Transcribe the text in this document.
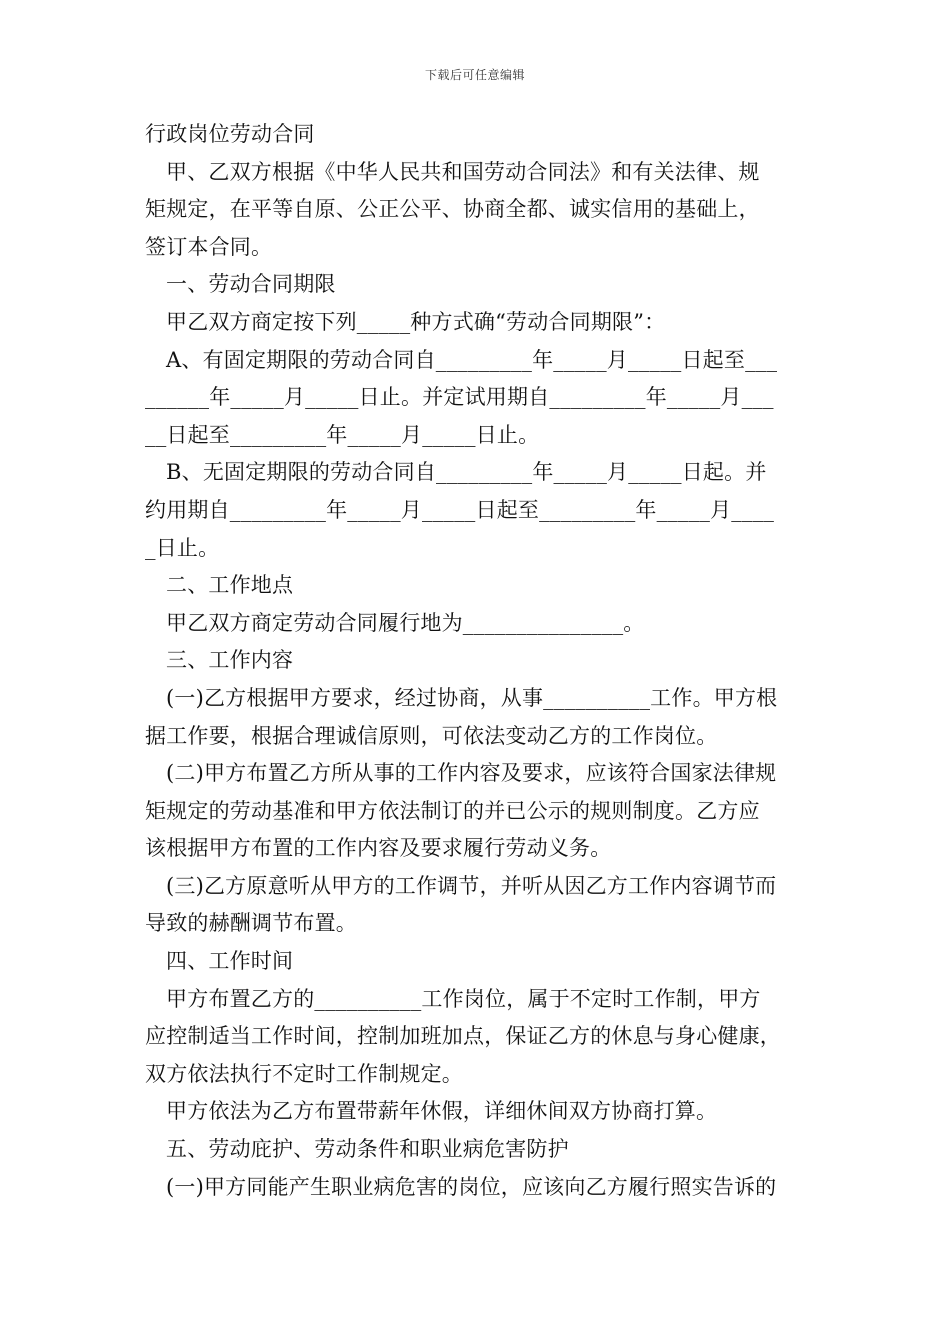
下载后可任意编辑

行政岗位劳动合同

甲、乙双方根据《中华人民共和国劳动合同法》和有关法律、规

矩规定，在平等自原、公正公平、协商全都、诚实信用的基础上，

签订本合同。

一、劳动合同期限

甲乙双方商定按下列_____种方式确“劳动合同期限”：

A、有固定期限的劳动合同自_________年_____月_____日起至___

______年_____月_____日止。并定试用期自_________年_____月___

__日起至_________年_____月_____日止。

B、无固定期限的劳动合同自_________年_____月_____日起。并

约用期自_________年_____月_____日起至_________年_____月____

_日止。

二、工作地点

甲乙双方商定劳动合同履行地为_______________。

三、工作内容

(一)乙方根据甲方要求，经过协商，从事__________工作。甲方根

据工作要，根据合理诚信原则，可依法变动乙方的工作岗位。

(二)甲方布置乙方所从事的工作内容及要求，应该符合国家法律规

矩规定的劳动基准和甲方依法制订的并已公示的规则制度。乙方应

该根据甲方布置的工作内容及要求履行劳动义务。

(三)乙方原意听从甲方的工作调节，并听从因乙方工作内容调节而

导致的赫酬调节布置。

四、工作时间

甲方布置乙方的__________工作岗位，属于不定时工作制，甲方

应控制适当工作时间，控制加班加点，保证乙方的休息与身心健康，

双方依法执行不定时工作制规定。

甲方依法为乙方布置带薪年休假，详细休间双方协商打算。

五、劳动庇护、劳动条件和职业病危害防护

(一)甲方同能产生职业病危害的岗位，应该向乙方履行照实告诉的
